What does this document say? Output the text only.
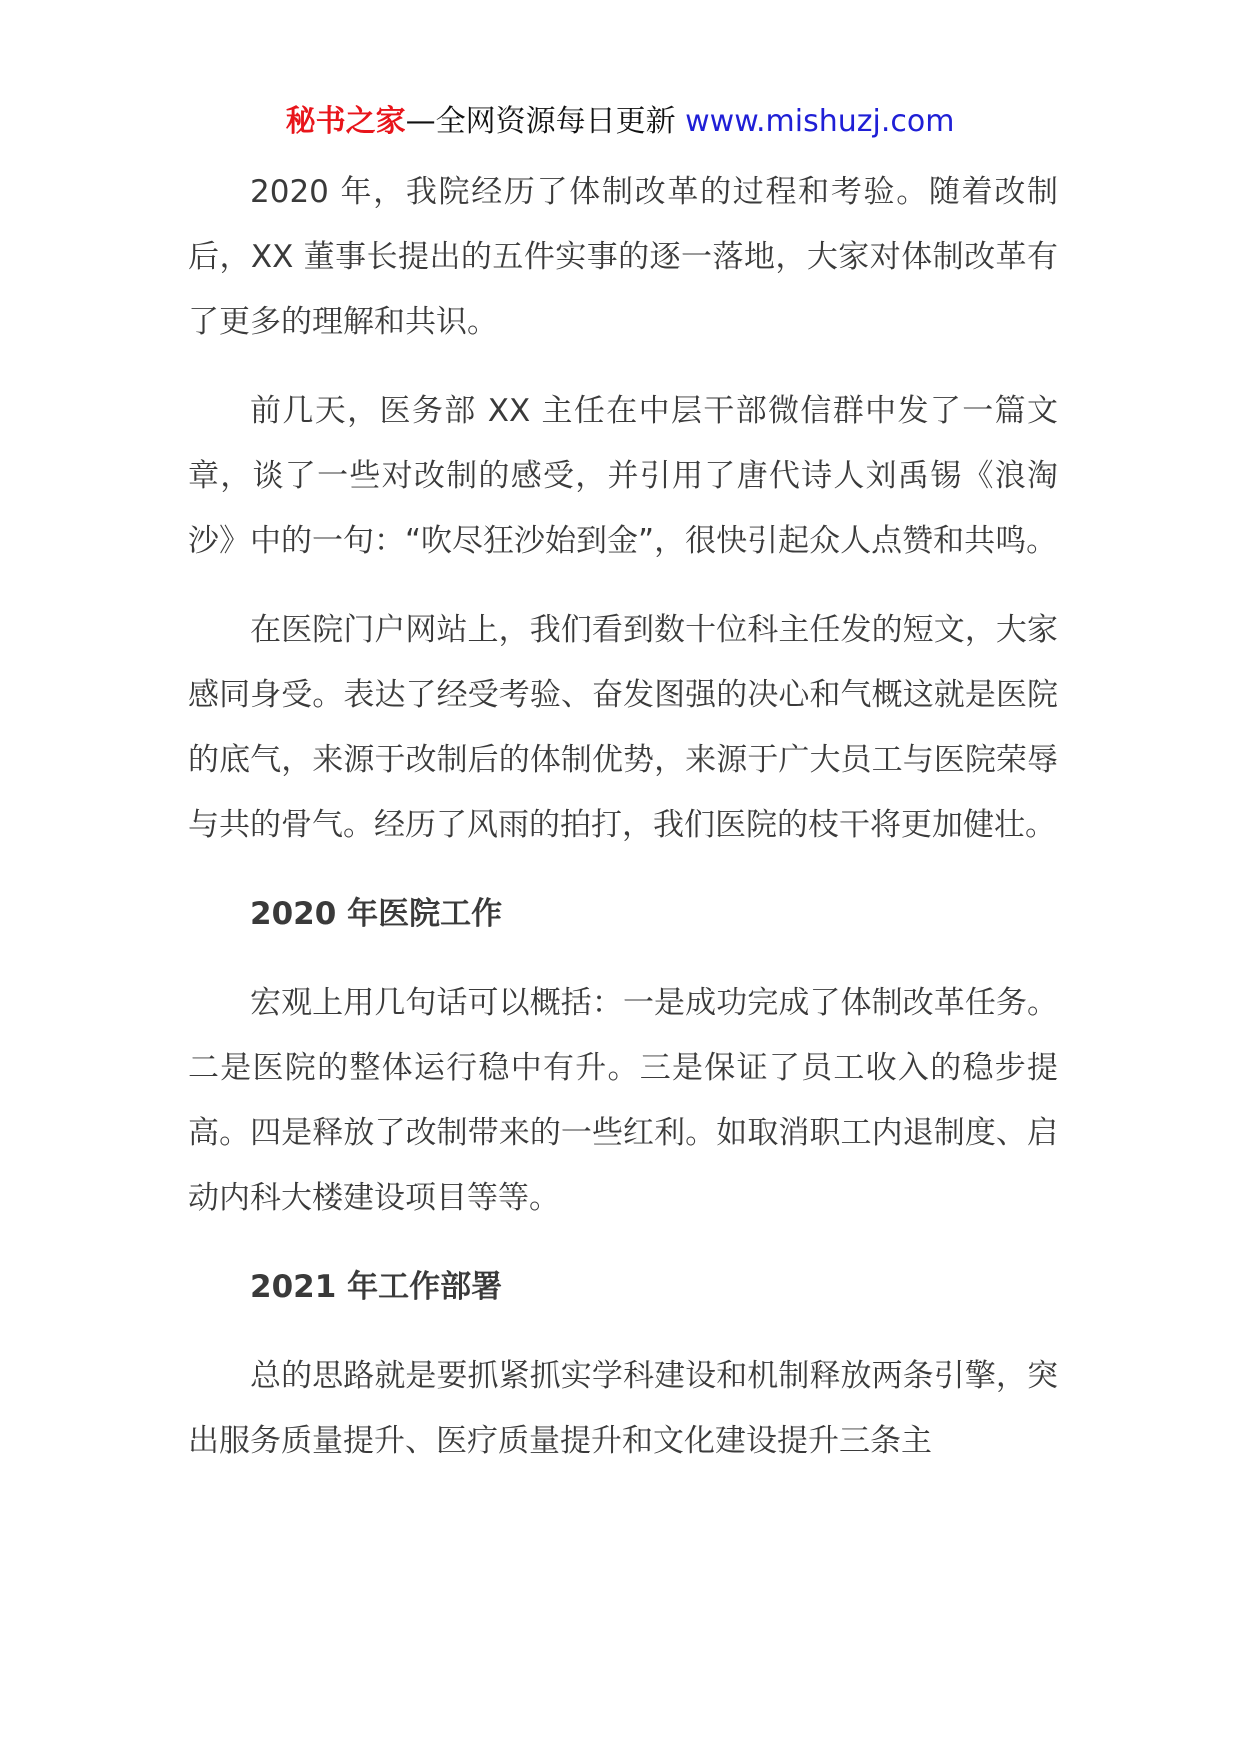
秘书之家—全网资源每日更新 www.mishuzj.com

2020 年，我院经历了体制改革的过程和考验。随着改制后，XX 董事长提出的五件实事的逐一落地，大家对体制改革有了更多的理解和共识。

前几天，医务部 XX 主任在中层干部微信群中发了一篇文章，谈了一些对改制的感受，并引用了唐代诗人刘禹锡《浪淘沙》中的一句：“吹尽狂沙始到金”，很快引起众人点赞和共鸣。

在医院门户网站上，我们看到数十位科主任发的短文，大家感同身受。表达了经受考验、奋发图强的决心和气概这就是医院的底气，来源于改制后的体制优势，来源于广大员工与医院荣辱与共的骨气。经历了风雨的拍打，我们医院的枝干将更加健壮。

2020 年医院工作

宏观上用几句话可以概括：一是成功完成了体制改革任务。二是医院的整体运行稳中有升。三是保证了员工收入的稳步提高。四是释放了改制带来的一些红利。如取消职工内退制度、启动内科大楼建设项目等等。

2021 年工作部署

总的思路就是要抓紧抓实学科建设和机制释放两条引擎，突出服务质量提升、医疗质量提升和文化建设提升三条主
